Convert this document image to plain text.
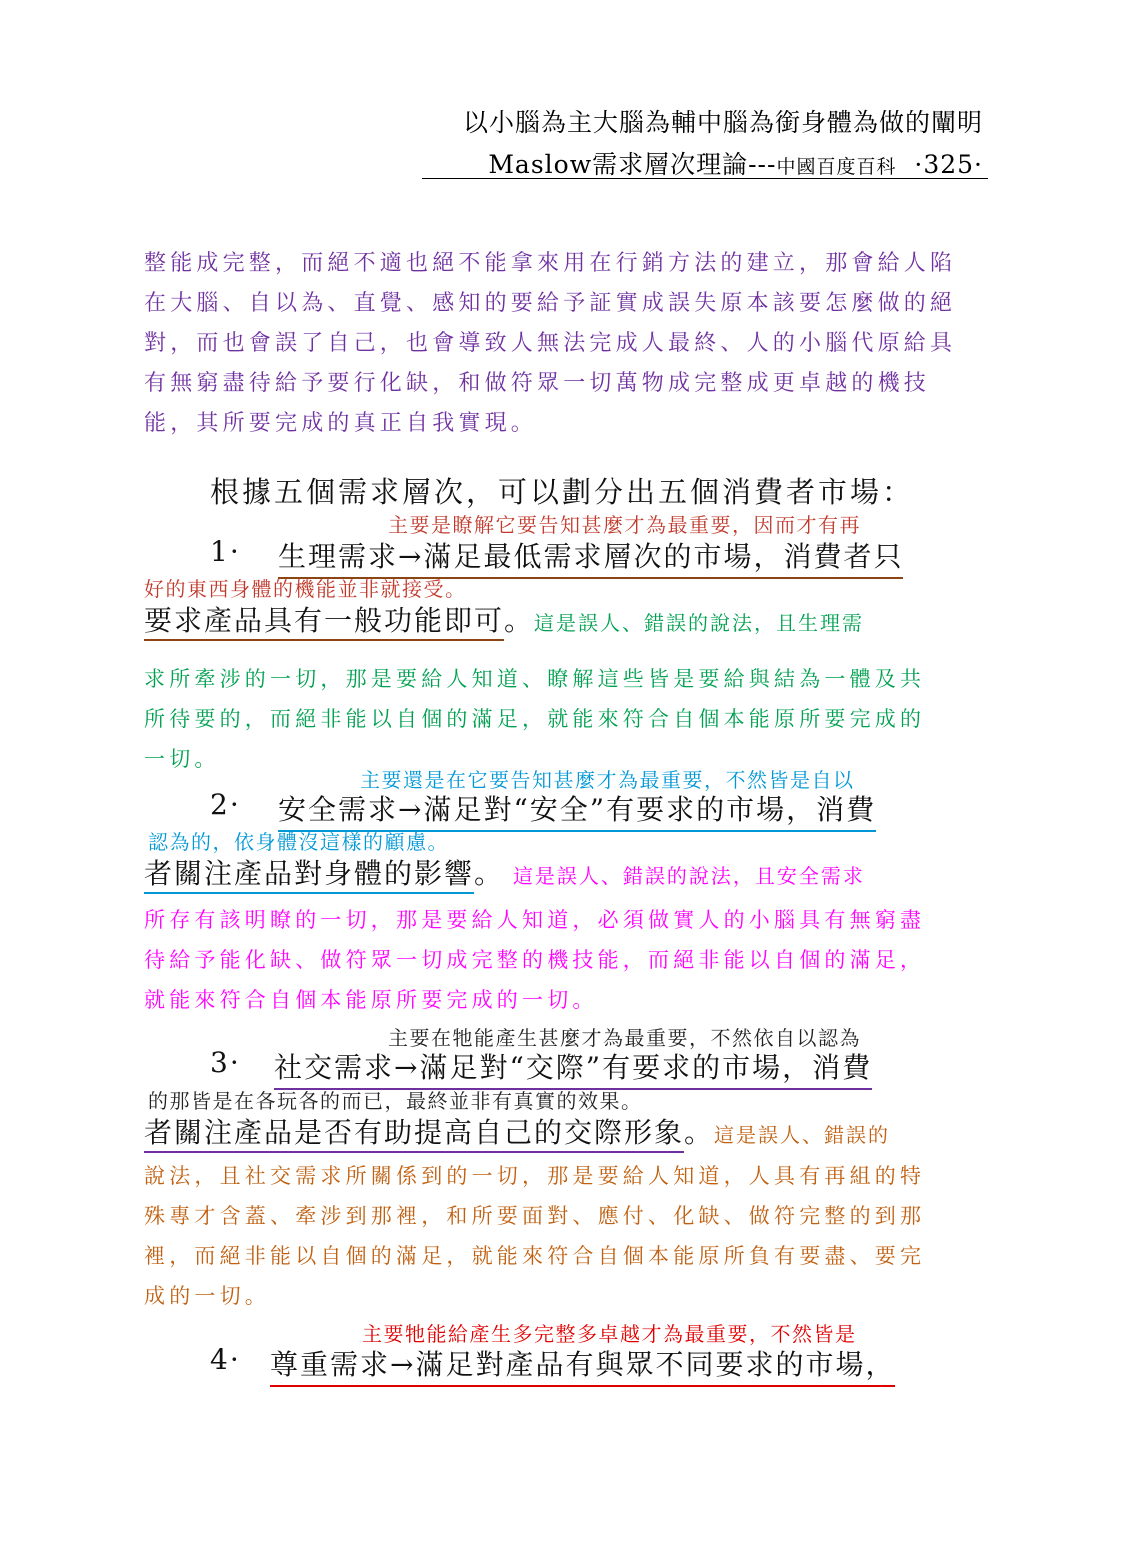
以小腦為主大腦為輔中腦為銜身體為做的闡明
Maslow需求層次理論---中國百度百科 ·325·
整能成完整，而絕不適也絕不能拿來用在行銷方法的建立，那會給人陷
在大腦、自以為、直覺、感知的要給予証實成誤失原本該要怎麼做的絕
對，而也會誤了自己，也會導致人無法完成人最終、人的小腦代原給具
有無窮盡待給予要行化缺，和做符眾一切萬物成完整成更卓越的機技
能，其所要完成的真正自我實現。
根據五個需求層次，可以劃分出五個消費者市場：
主要是瞭解它要告知甚麼才為最重要，因而才有再
1· 生理需求→滿足最低需求層次的市場，消費者只
好的東西身體的機能並非就接受。
要求產品具有一般功能即可。這是誤人、錯誤的說法，且生理需
求所牽涉的一切，那是要給人知道、瞭解這些皆是要給與結為一體及共
所待要的，而絕非能以自個的滿足，就能來符合自個本能原所要完成的
一切。
主要還是在它要告知甚麼才為最重要，不然皆是自以
2· 安全需求→滿足對“安全”有要求的市場，消費
認為的，依身體沒這樣的顧慮。
者關注產品對身體的影響。 這是誤人、錯誤的說法，且安全需求
所存有該明瞭的一切，那是要給人知道，必須做實人的小腦具有無窮盡
待給予能化缺、做符眾一切成完整的機技能，而絕非能以自個的滿足，
就能來符合自個本能原所要完成的一切。
主要在牠能產生甚麼才為最重要，不然依自以認為
3· 社交需求→滿足對“交際”有要求的市場，消費
的那皆是在各玩各的而已，最終並非有真實的效果。
者關注產品是否有助提高自己的交際形象。這是誤人、錯誤的
說法，且社交需求所關係到的一切，那是要給人知道，人具有再組的特
殊專才含蓋、牽涉到那裡，和所要面對、應付、化缺、做符完整的到那
裡，而絕非能以自個的滿足，就能來符合自個本能原所負有要盡、要完
成的一切。
主要牠能給產生多完整多卓越才為最重要，不然皆是
4· 尊重需求→滿足對產品有與眾不同要求的市場，
